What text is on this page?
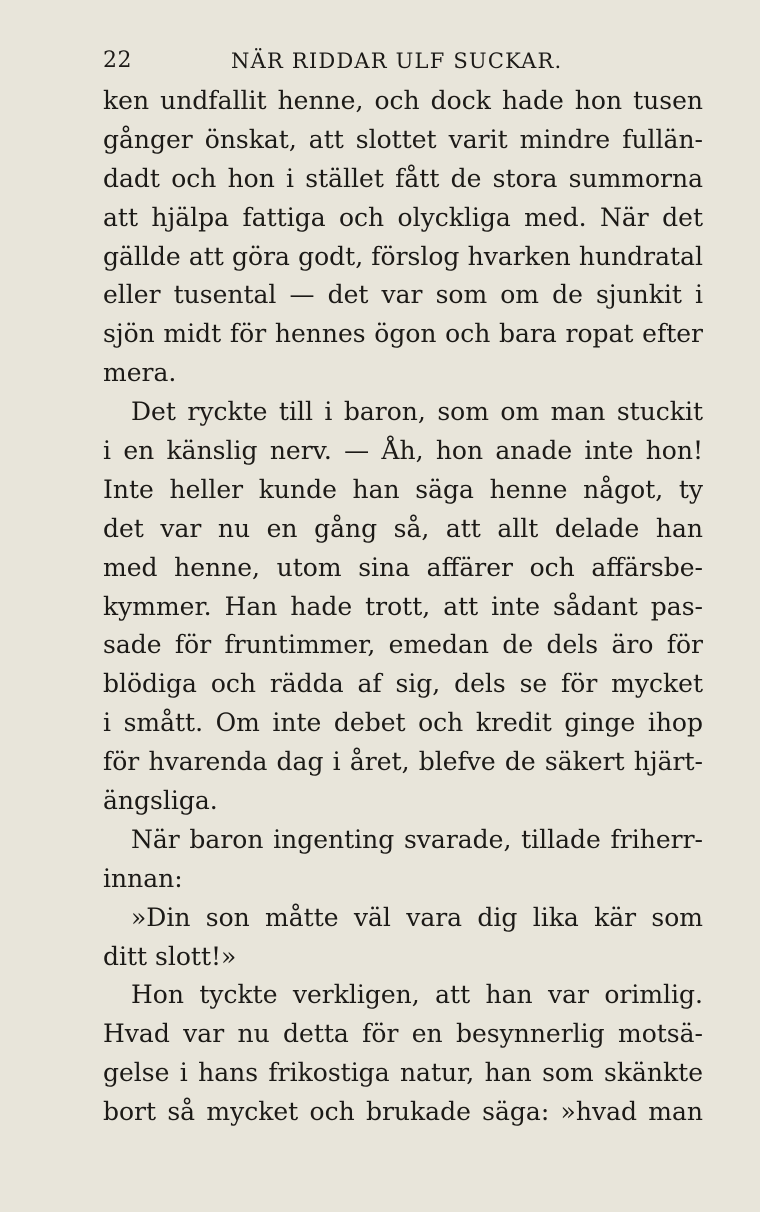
22	NÄR RIDDAR ULF SUCKAR.
ken undfallit henne, och dock hade hon tusen
gånger önskat, att slottet varit mindre fullän-
dadt och hon i stället fått de stora summorna
att hjälpa fattiga och olyckliga med. När det
gällde att göra godt, förslog hvarken hundratal
eller tusental — det var som om de sjunkit i
sjön midt för hennes ögon och bara ropat efter
mera.
Det ryckte till i baron, som om man stuckit
i en känslig nerv. — Åh, hon anade inte hon!
Inte heller kunde han säga henne något, ty
det var nu en gång så, att allt delade han
med henne, utom sina affärer och affärsbe-
kymmer. Han hade trott, att inte sådant pas-
sade för fruntimmer, emedan de dels äro för
blödiga och rädda af sig, dels se för mycket
i smått. Om inte debet och kredit ginge ihop
för hvarenda dag i året, blefve de säkert hjärt-
ängsliga.
När baron ingenting svarade, tillade friherr-
innan:
»Din son måtte väl vara dig lika kär som
ditt slott!»
Hon tyckte verkligen, att han var orimlig.
Hvad var nu detta för en besynnerlig motsä-
gelse i hans frikostiga natur, han som skänkte
bort så mycket och brukade säga: »hvad man
